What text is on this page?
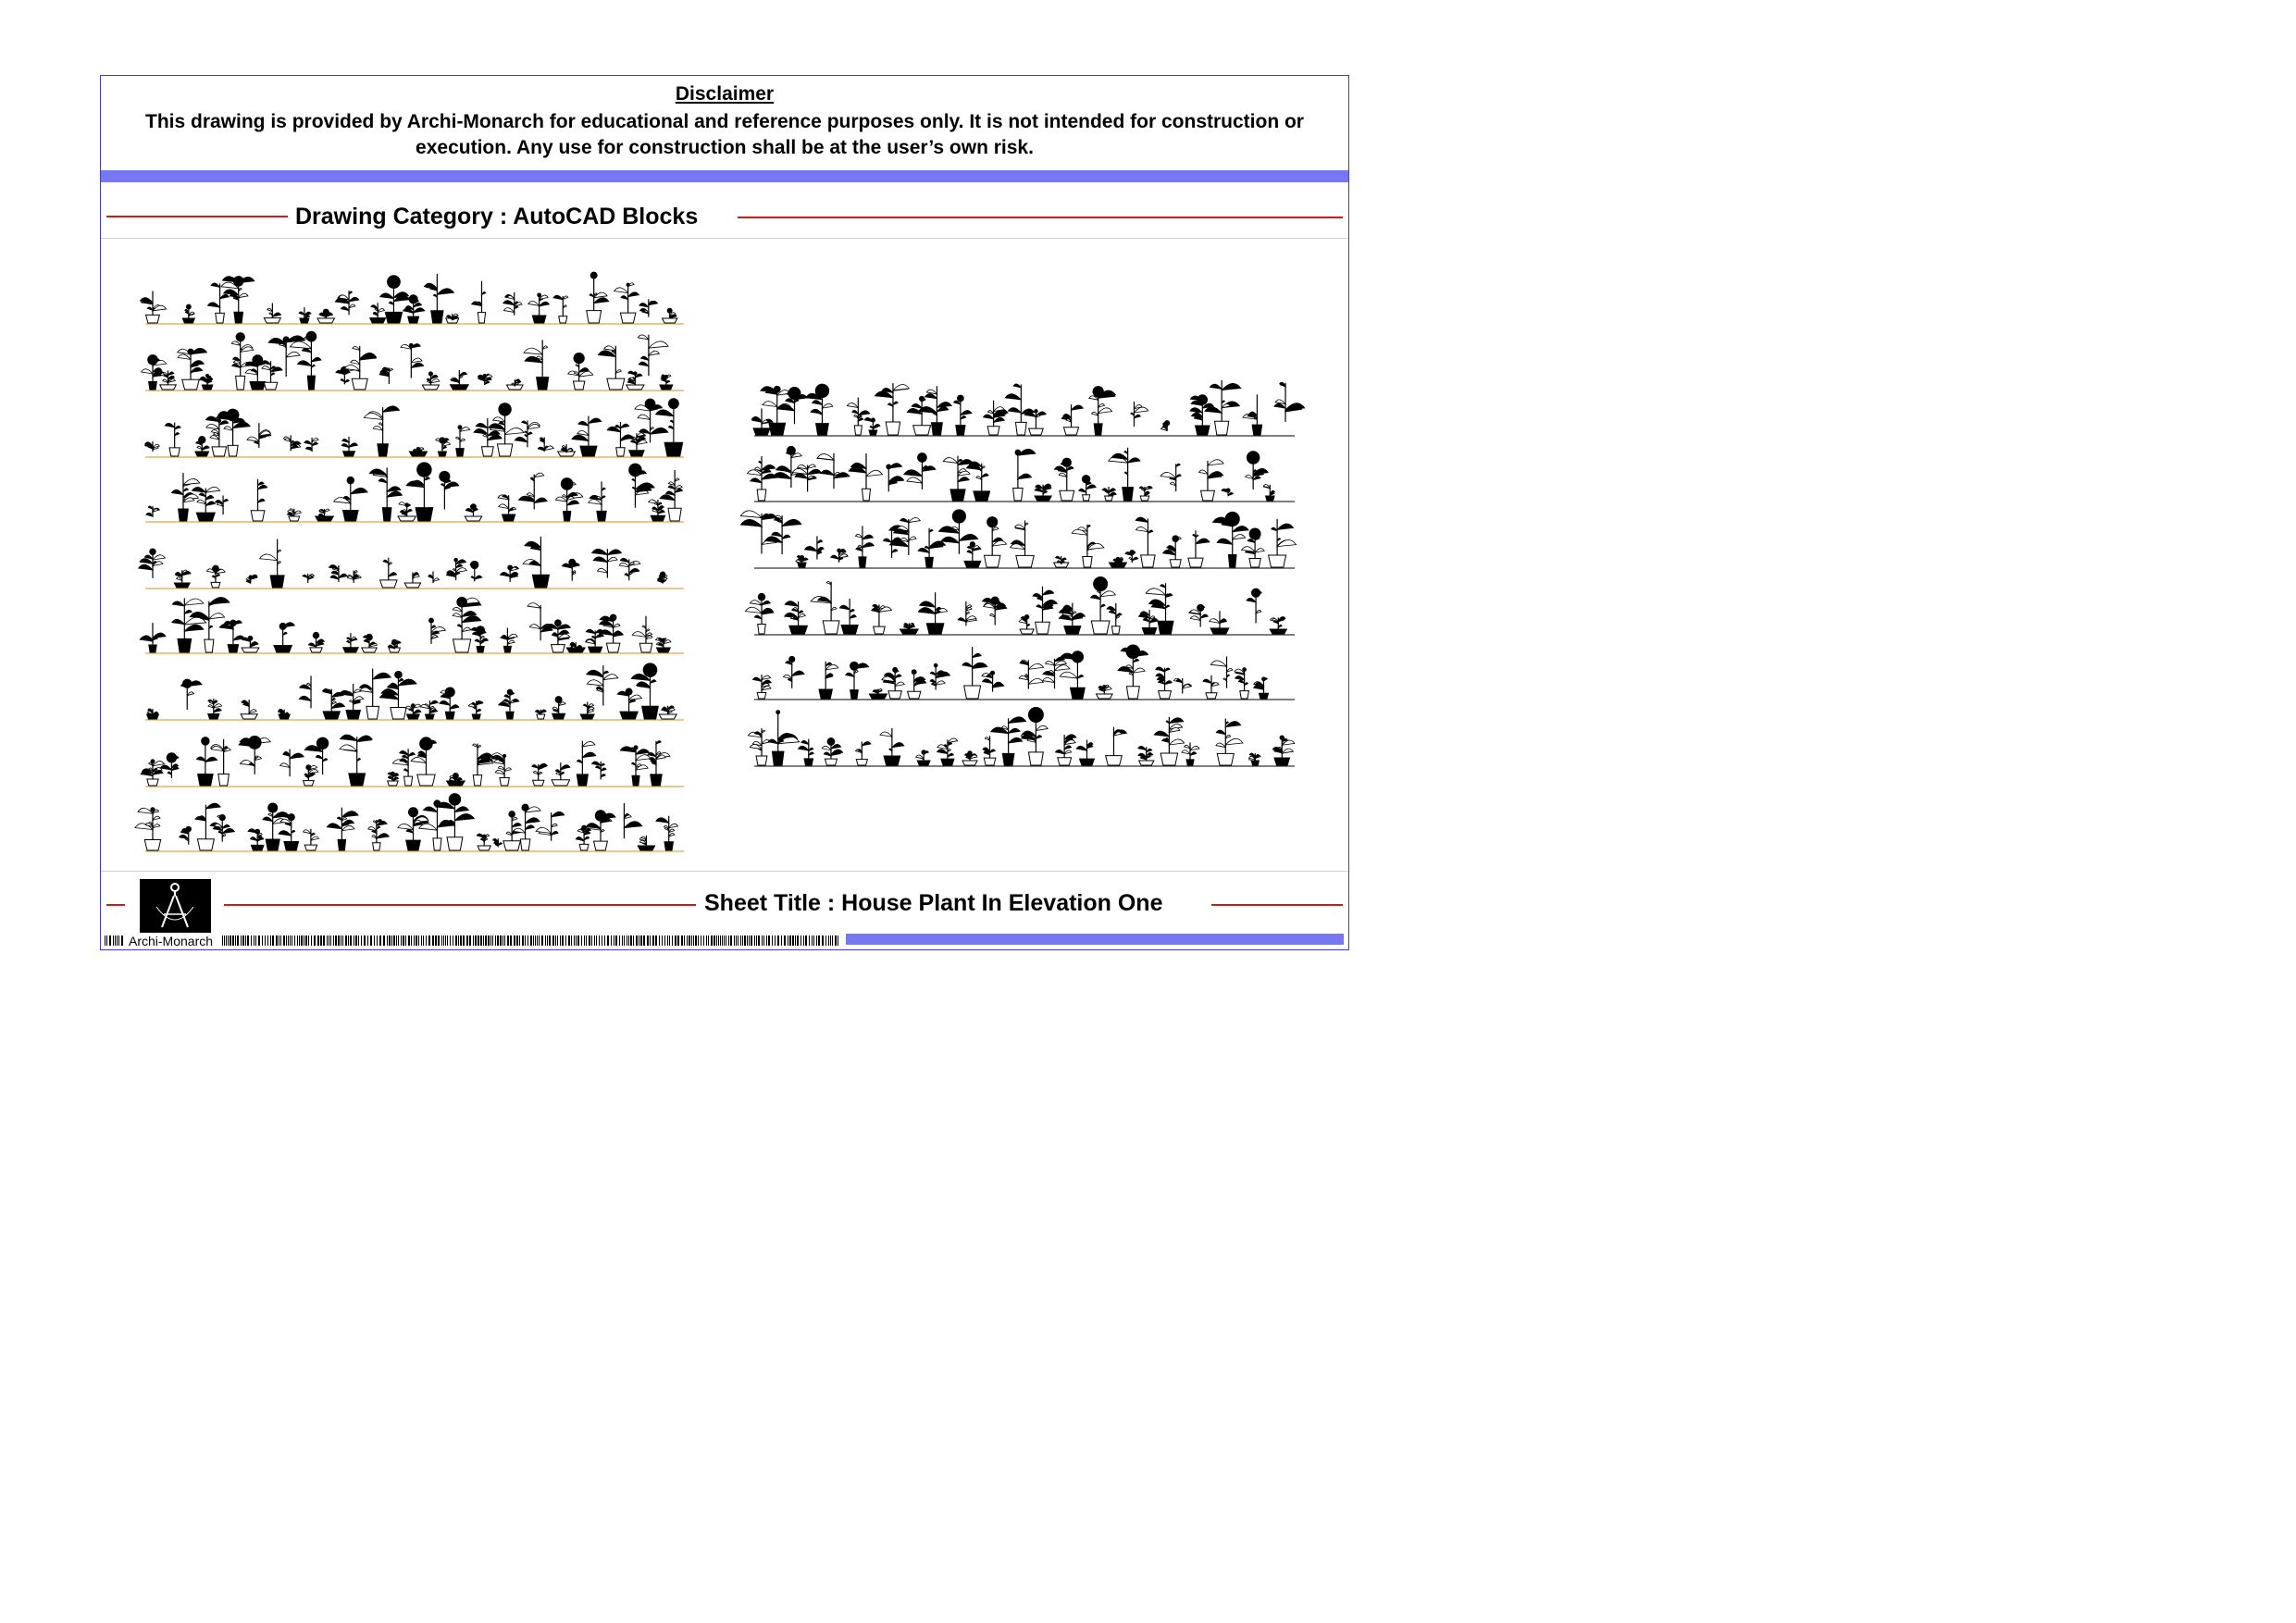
Disclaimer
This drawing is provided by Archi-Monarch for educational and reference purposes only. It is not intended for construction or execution. Any use for construction shall be at the user’s own risk.
Drawing Category : AutoCAD Blocks
Sheet Title : House Plant In Elevation One
Archi-Monarch
